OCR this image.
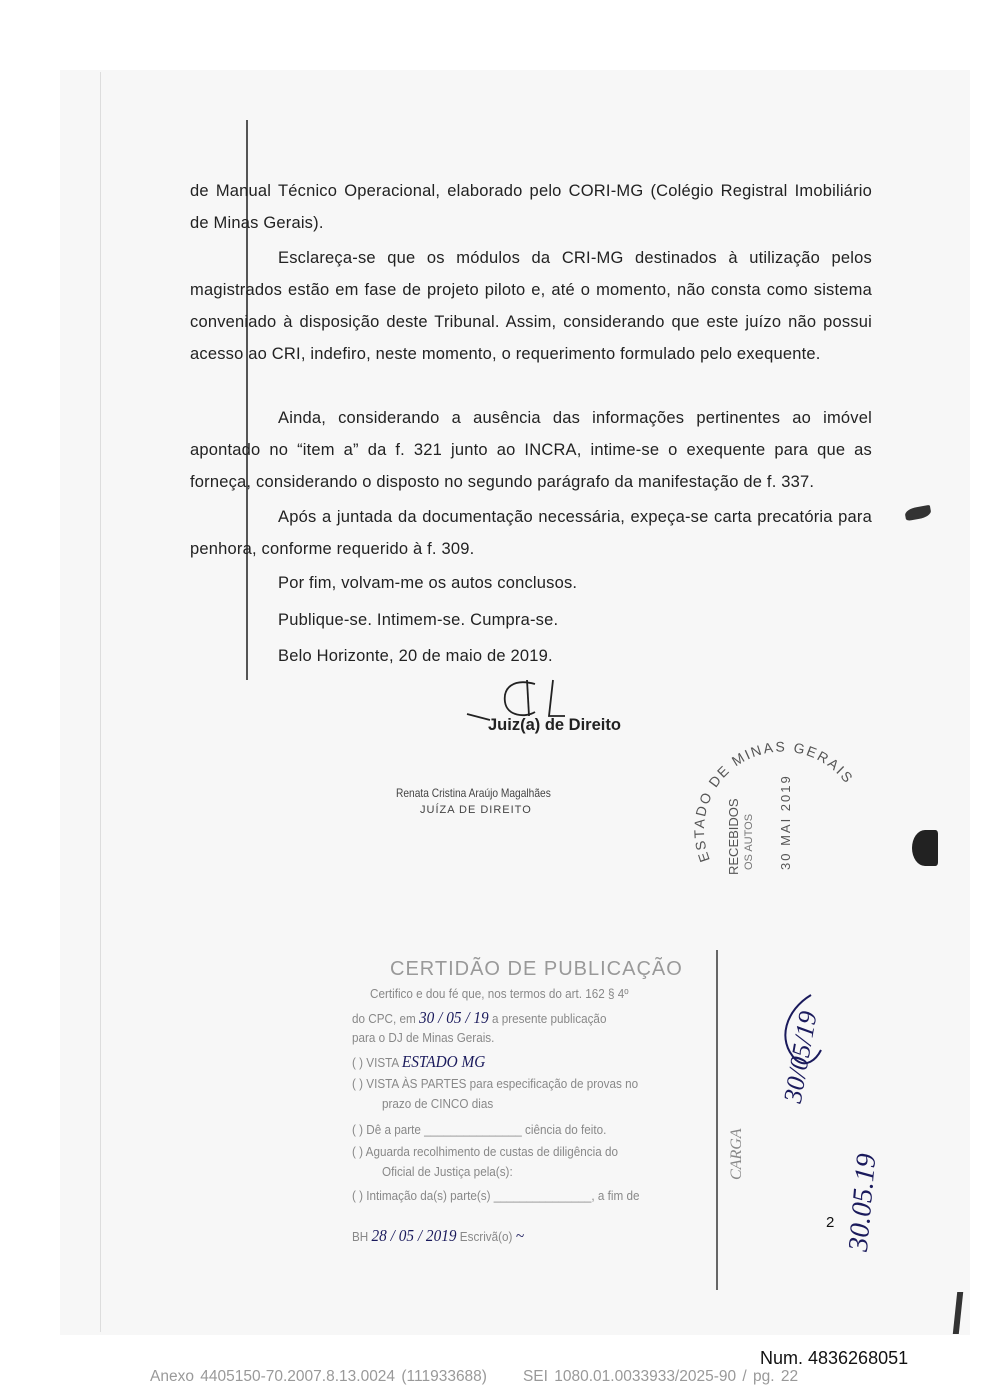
de Manual Técnico Operacional, elaborado pelo CORI-MG (Colégio Registral Imobiliário de Minas Gerais).
Esclareça-se que os módulos da CRI-MG destinados à utilização pelos magistrados estão em fase de projeto piloto e, até o momento, não consta como sistema conveniado à disposição deste Tribunal. Assim, considerando que este juízo não possui acesso ao CRI, indefiro, neste momento, o requerimento formulado pelo exequente.
Ainda, considerando a ausência das informações pertinentes ao imóvel apontado no “item a” da f. 321 junto ao INCRA, intime-se o exequente para que as forneça, considerando o disposto no segundo parágrafo da manifestação de f. 337.
Após a juntada da documentação necessária, expeça-se carta precatória para penhora, conforme requerido à f. 309.
Por fim, volvam-me os autos conclusos.
Publique-se. Intimem-se. Cumpra-se.
Belo Horizonte, 20 de maio de 2019.
Juiz(a) de Direito
Renata Cristina Araújo Magalhães
JUÍZA DE DIREITO
ESTADO DE MINAS GERAIS
RECEBIDOS OS AUTOS 30 MAI 2019
CERTIDÃO DE PUBLICAÇÃO
Certifico e dou fé que, nos termos do art. 162 § 4º
do CPC, em 30 / 05 / 19 a presente publicação
para o DJ de Minas Gerais.
( ) VISTA ESTADO MG
( ) VISTA ÀS PARTES para especificação de provas no
prazo de CINCO dias
( ) Dê a parte _______________ ciência do feito.
( ) Aguarda recolhimento de custas de diligência do
Oficial de Justiça pela(s):
( ) Intimação da(s) parte(s) _______________, a fim de
BH 28 / 05 / 2019 Escrivã(o) ~
CARGA
30/05/19
30.05.19
2
Num. 4836268051
Anexo 4405150-70.2007.8.13.0024 (111933688) SEI 1080.01.0033933/2025-90 / pg. 22
